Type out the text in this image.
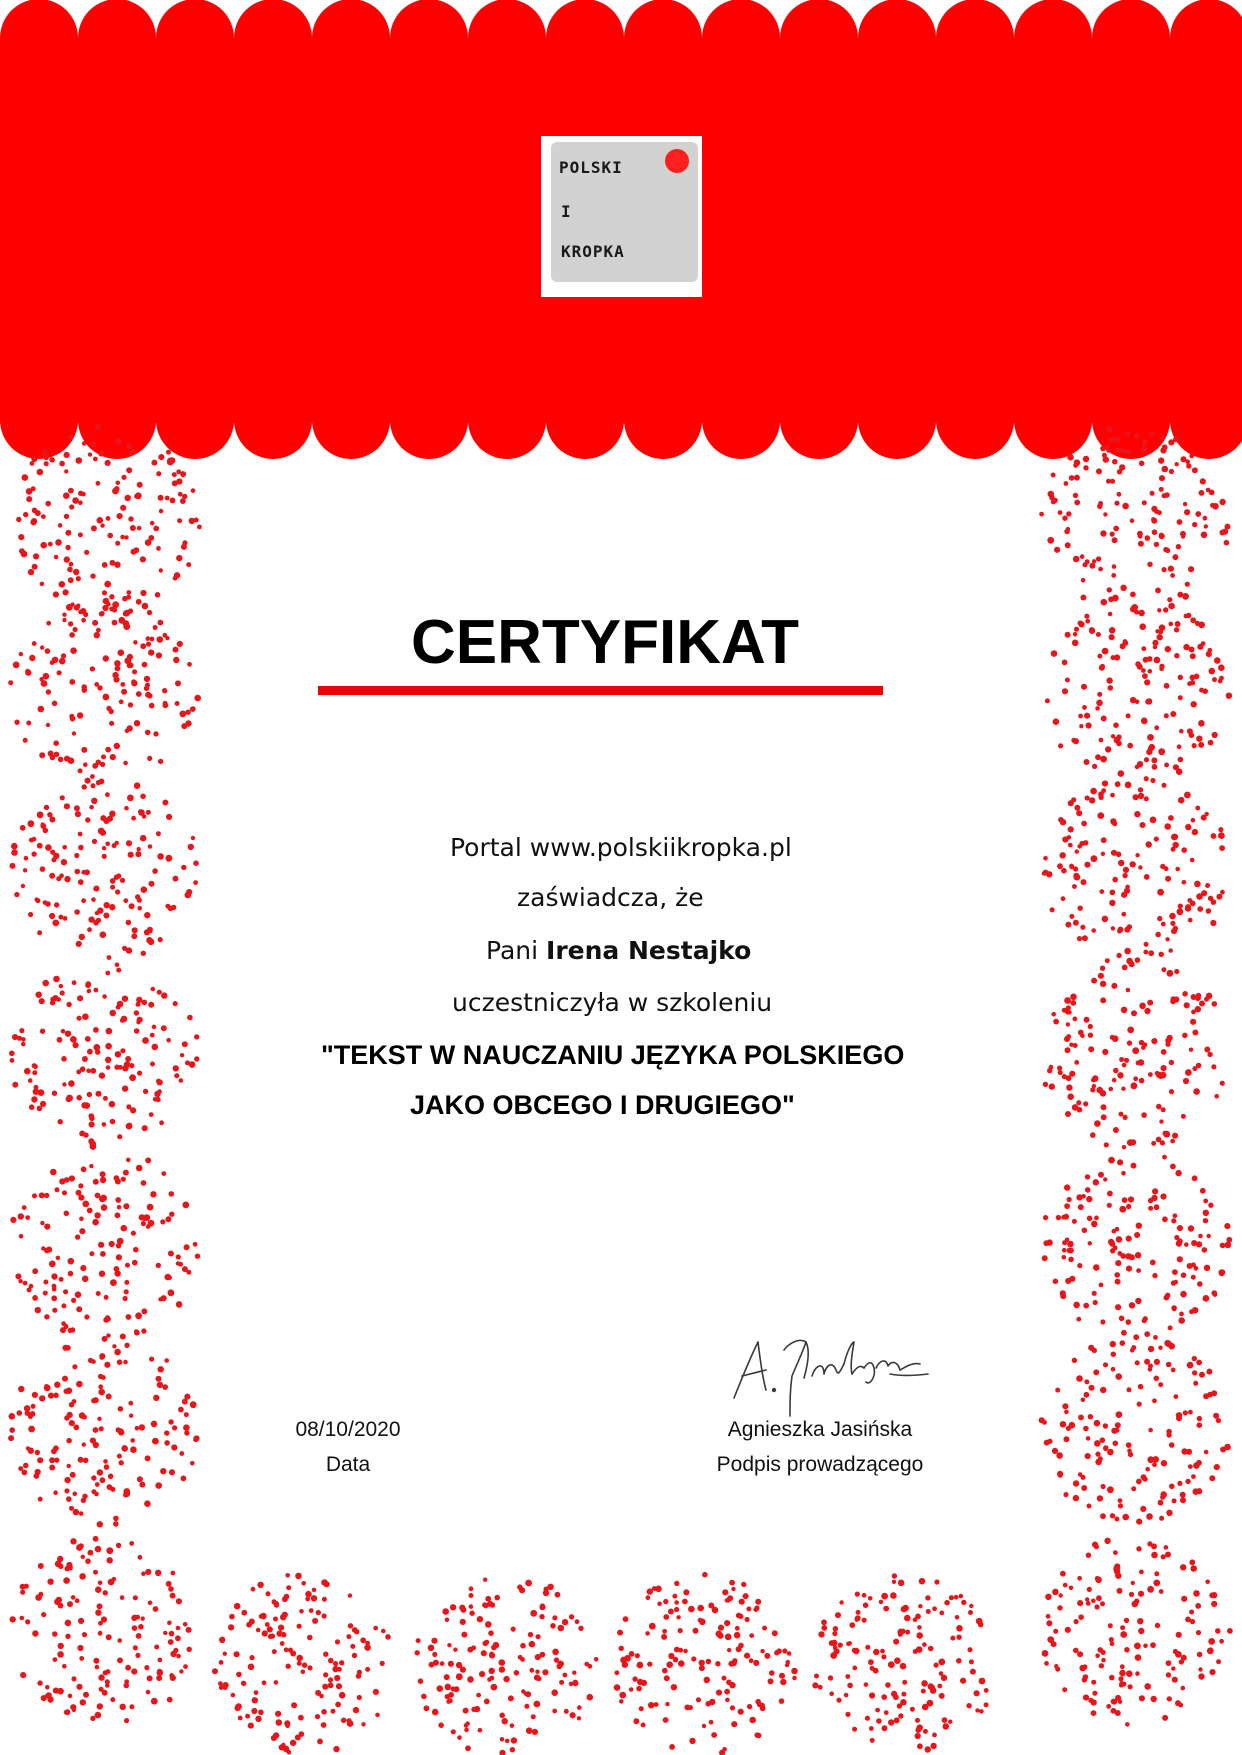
POLSKI
I
KROPKA
CERTYFIKAT
Portal www.polskiikropka.pl
zaświadcza, że
Pani Irena Nestajko
uczestniczyła w szkoleniu
"TEKST W NAUCZANIU JĘZYKA POLSKIEGO
JAKO OBCEGO I DRUGIEGO"
08/10/2020
Data
Agnieszka Jasińska
Podpis prowadzącego
